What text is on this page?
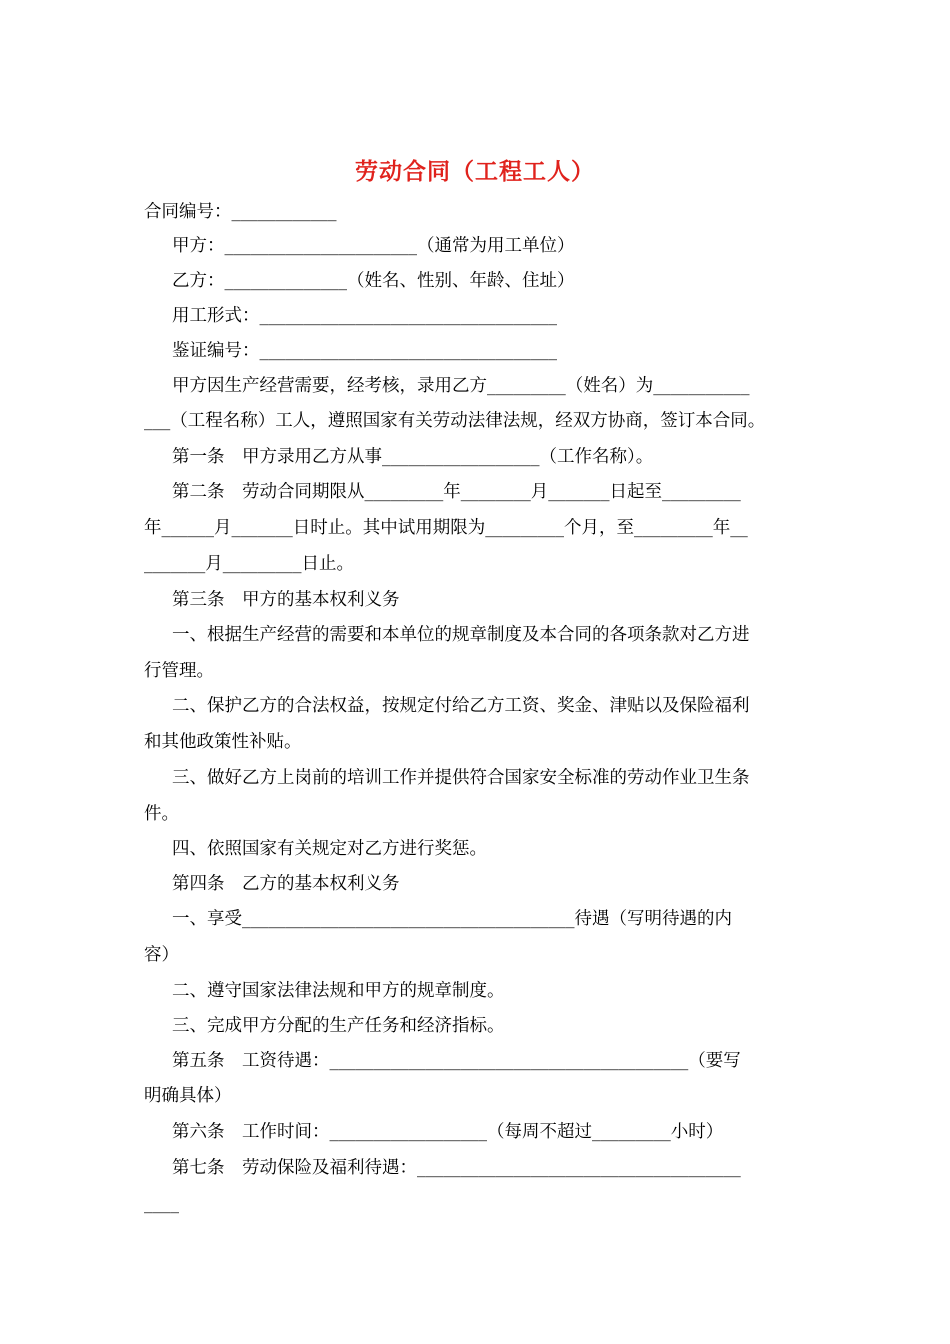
劳动合同（工程工人）
合同编号：____________
甲方：______________________（通常为用工单位）
乙方：______________（姓名、性别、年龄、住址）
用工形式：__________________________________
鉴证编号：__________________________________
甲方因生产经营需要，经考核，录用乙方_________（姓名）为___________
___（工程名称）工人，遵照国家有关劳动法律法规，经双方协商，签订本合同。
第一条　甲方录用乙方从事__________________（工作名称）。
第二条　劳动合同期限从_________年________月_______日起至_________
年______月_______日时止。其中试用期限为_________个月，至_________年__
_______月_________日止。
第三条　甲方的基本权利义务
一、根据生产经营的需要和本单位的规章制度及本合同的各项条款对乙方进
行管理。
二、保护乙方的合法权益，按规定付给乙方工资、奖金、津贴以及保险福利
和其他政策性补贴。
三、做好乙方上岗前的培训工作并提供符合国家安全标准的劳动作业卫生条
件。
四、依照国家有关规定对乙方进行奖惩。
第四条　乙方的基本权利义务
一、享受______________________________________待遇（写明待遇的内
容）
二、遵守国家法律法规和甲方的规章制度。
三、完成甲方分配的生产任务和经济指标。
第五条　工资待遇：_________________________________________（要写
明确具体）
第六条　工作时间：__________________（每周不超过_________小时）
第七条　劳动保险及福利待遇：_____________________________________
____
